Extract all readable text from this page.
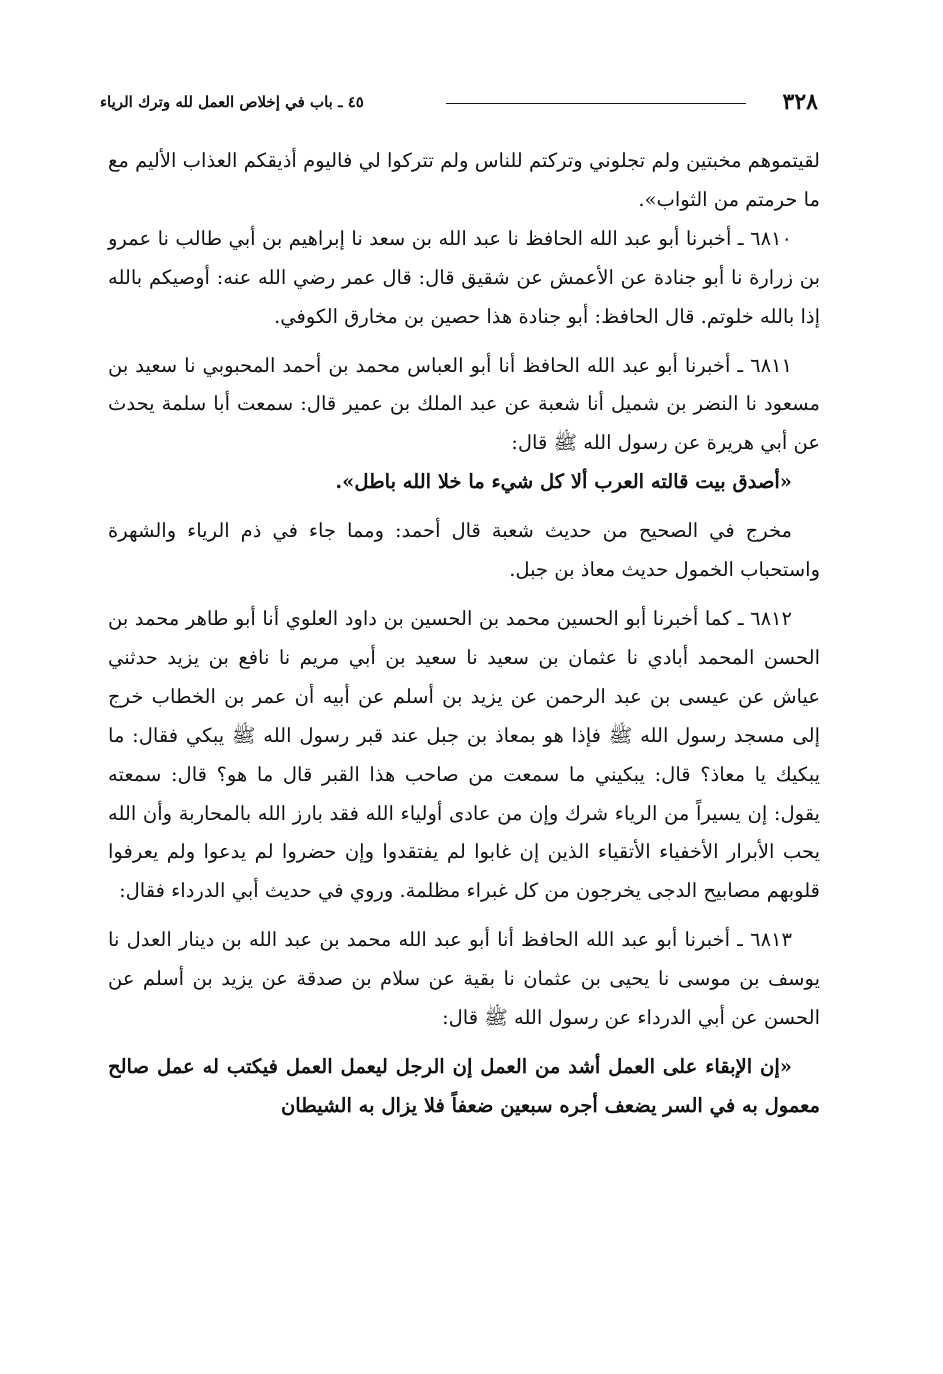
٣٢٨
٤٥ ـ باب في إخلاص العمل لله وترك الرياء

لقيتموهم مخبتين ولم تجلوني وتركتم للناس ولم تتركوا لي فاليوم أذيقكم العذاب الأليم مع ما حرمتم من الثواب».

٦٨١٠ ـ أخبرنا أبو عبد الله الحافظ نا عبد الله بن سعد نا إبراهيم بن أبي طالب نا عمرو بن زرارة نا أبو جنادة عن الأعمش عن شقيق قال: قال عمر رضي الله عنه: أوصيكم بالله إذا بالله خلوتم. قال الحافظ: أبو جنادة هذا حصين بن مخارق الكوفي.

٦٨١١ ـ أخبرنا أبو عبد الله الحافظ أنا أبو العباس محمد بن أحمد المحبوبي نا سعيد بن مسعود نا النضر بن شميل أنا شعبة عن عبد الملك بن عمير قال: سمعت أبا سلمة يحدث عن أبي هريرة عن رسول الله ﷺ قال:

«أصدق بيت قالته العرب ألا كل شيء ما خلا الله باطل».

مخرج في الصحيح من حديث شعبة قال أحمد: ومما جاء في ذم الرياء والشهرة واستحباب الخمول حديث معاذ بن جبل.

٦٨١٢ ـ كما أخبرنا أبو الحسين محمد بن الحسين بن داود العلوي أنا أبو طاهر محمد بن الحسن المحمد أبادي نا عثمان بن سعيد نا سعيد بن أبي مريم نا نافع بن يزيد حدثني عياش عن عيسى بن عبد الرحمن عن يزيد بن أسلم عن أبيه أن عمر بن الخطاب خرج إلى مسجد رسول الله ﷺ فإذا هو بمعاذ بن جبل عند قبر رسول الله ﷺ يبكي فقال: ما يبكيك يا معاذ؟ قال: يبكيني ما سمعت من صاحب هذا القبر قال ما هو؟ قال: سمعته يقول: إن يسيراً من الرياء شرك وإن من عادى أولياء الله فقد بارز الله بالمحاربة وأن الله يحب الأبرار الأخفياء الأتقياء الذين إن غابوا لم يفتقدوا وإن حضروا لم يدعوا ولم يعرفوا قلوبهم مصابيح الدجى يخرجون من كل غبراء مظلمة. وروي في حديث أبي الدرداء فقال:

٦٨١٣ ـ أخبرنا أبو عبد الله الحافظ أنا أبو عبد الله محمد بن عبد الله بن دينار العدل نا يوسف بن موسى نا يحيى بن عثمان نا بقية عن سلام بن صدقة عن يزيد بن أسلم عن الحسن عن أبي الدرداء عن رسول الله ﷺ قال:

«إن الإبقاء على العمل أشد من العمل إن الرجل ليعمل العمل فيكتب له عمل صالح معمول به في السر يضعف أجره سبعين ضعفاً فلا يزال به الشيطان
